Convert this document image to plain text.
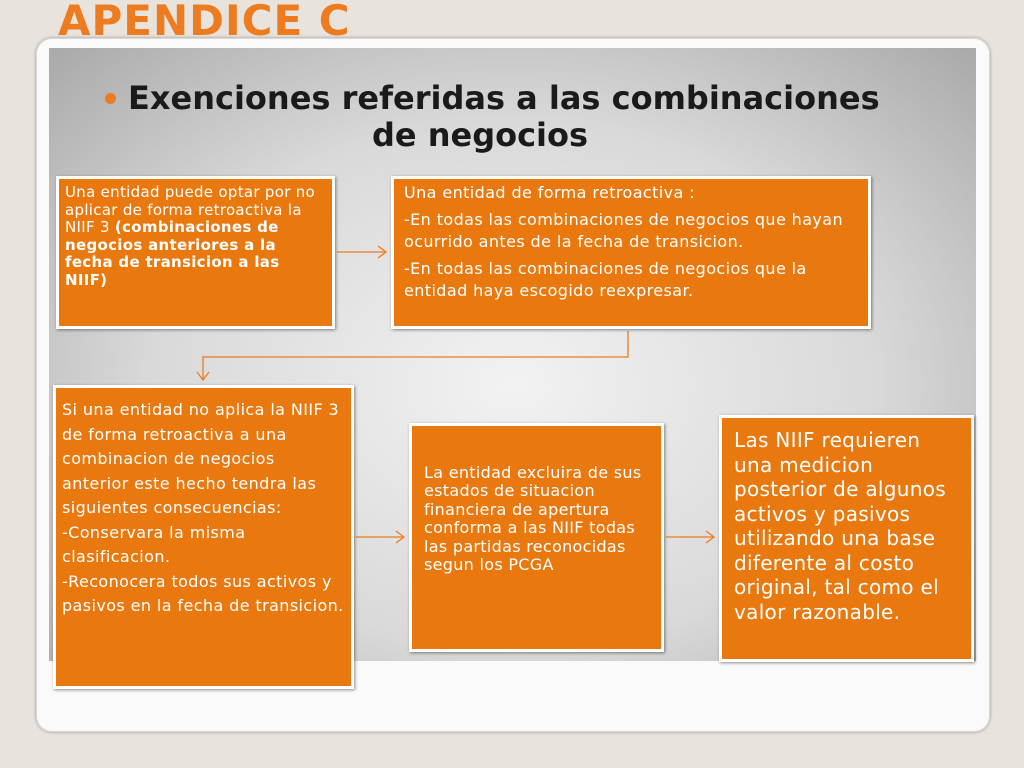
APENDICE C
Exenciones referidas a las combinaciones
de negocios

Una entidad puede optar por no aplicar de forma retroactiva la NIIF 3 (combinaciones de negocios anteriores a la fecha de transicion a las NIIF)

Una entidad de forma retroactiva :

-En todas las combinaciones de negocios que hayan ocurrido antes de la fecha de transicion.

-En todas las combinaciones de negocios que la entidad haya escogido reexpresar.

Si una entidad no aplica la NIIF 3 de forma retroactiva a una combinacion de negocios anterior este hecho tendra las siguientes consecuencias:

-Conservara la misma clasificacion.

-Reconocera todos sus activos y pasivos en la fecha de transicion.

La entidad excluira de sus estados de situacion financiera de apertura conforma a las NIIF todas las partidas reconocidas segun los PCGA

Las NIIF requieren una medicion posterior de algunos activos y pasivos utilizando una base diferente al costo original, tal como el valor razonable.
